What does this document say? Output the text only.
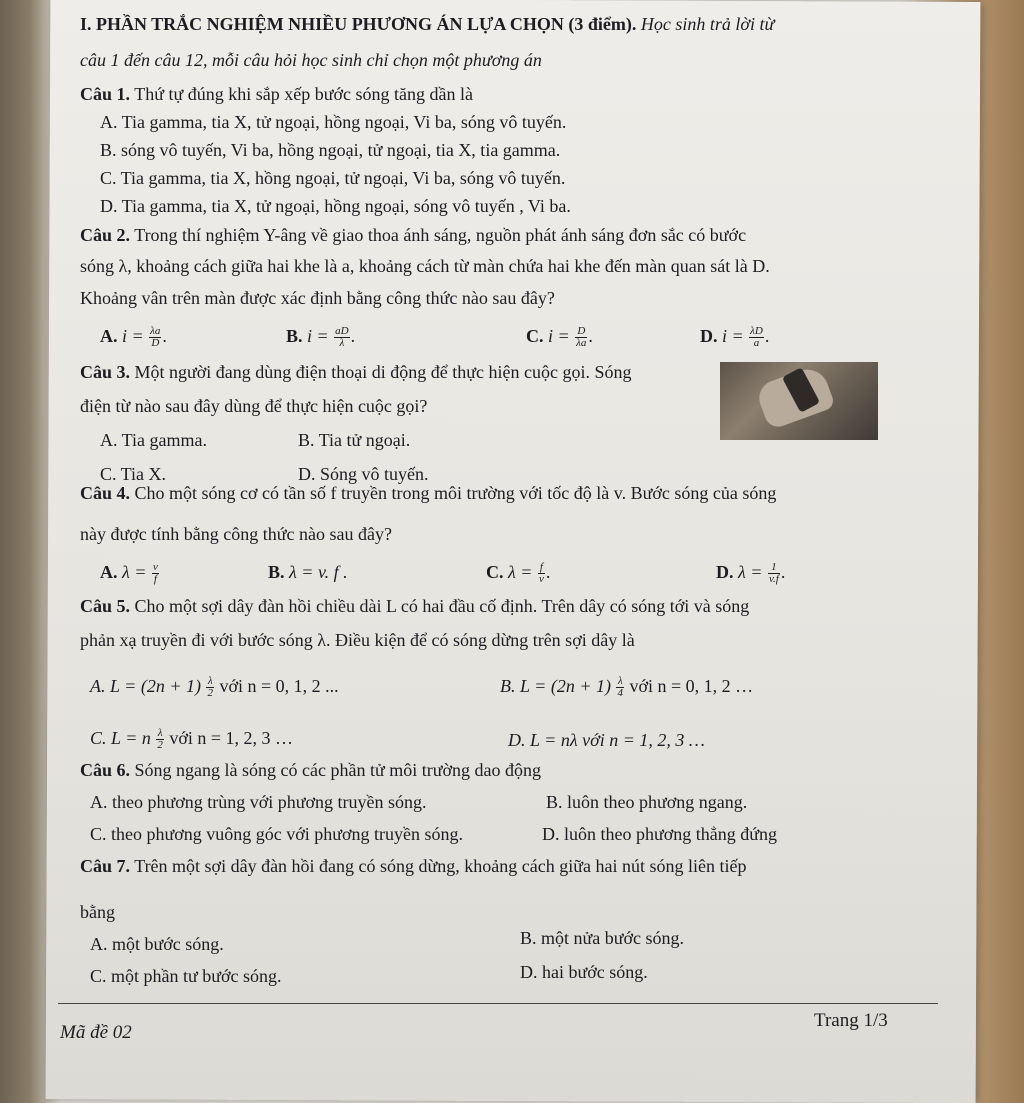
I. PHẦN TRẮC NGHIỆM NHIỀU PHƯƠNG ÁN LỰA CHỌN (3 điểm). Học sinh trả lời từ
câu 1 đến câu 12, mỗi câu hỏi học sinh chỉ chọn một phương án
Câu 1. Thứ tự đúng khi sắp xếp bước sóng tăng dần là
A. Tia gamma, tia X, tử ngoại, hồng ngoại, Vi ba, sóng vô tuyến.
B. sóng vô tuyến, Vi ba, hồng ngoại, tử ngoại, tia X, tia gamma.
C. Tia gamma, tia X, hồng ngoại, tử ngoại, Vi ba, sóng vô tuyến.
D. Tia gamma, tia X, tử ngoại, hồng ngoại, sóng vô tuyến , Vi ba.
Câu 2. Trong thí nghiệm Y-âng về giao thoa ánh sáng, nguồn phát ánh sáng đơn sắc có bước
sóng λ, khoảng cách giữa hai khe là a, khoảng cách từ màn chứa hai khe đến màn quan sát là D.
Khoảng vân trên màn được xác định bằng công thức nào sau đây?
A. $i = \frac{\lambda a}{D}$ .	B. $i = \frac{aD}{\lambda}$ .	C. $i = \frac{D}{\lambda a}$ .	D. $i = \frac{\lambda D}{a}$ .
Câu 3. Một người đang dùng điện thoại di động để thực hiện cuộc gọi. Sóng
điện từ nào sau đây dùng để thực hiện cuộc gọi?
A. Tia gamma.	B. Tia tử ngoại.
C. Tia X.	D. Sóng vô tuyến.
Câu 4. Cho một sóng cơ có tần số f truyền trong môi trường với tốc độ là v. Bước sóng của sóng
này được tính bằng công thức nào sau đây?
A. $\lambda = \frac{v}{f}$	B. λ = v. f .	C. $\lambda = \frac{f}{v}$ .	D. $\lambda = \frac{1}{v.f}$ .
Câu 5. Cho một sợi dây đàn hồi chiều dài L có hai đầu cố định. Trên dây có sóng tới và sóng
phản xạ truyền đi với bước sóng λ. Điều kiện để có sóng dừng trên sợi dây là
A. $L = (2n + 1) \frac{\lambda}{2}$ với n = 0, 1, 2 ...	B. $L = (2n + 1) \frac{\lambda}{4}$ với n = 0, 1, 2 …
C. L = n $\frac{\lambda}{2}$ với n = 1, 2, 3 …	D. L = nλ với n = 1, 2, 3 …
Câu 6. Sóng ngang là sóng có các phần tử môi trường dao động
A. theo phương trùng với phương truyền sóng.	B. luôn theo phương ngang.
C. theo phương vuông góc với phương truyền sóng.	D. luôn theo phương thẳng đứng
Câu 7. Trên một sợi dây đàn hồi đang có sóng dừng, khoảng cách giữa hai nút sóng liên tiếp
bằng
A. một bước sóng.	B. một nửa bước sóng.
C. một phần tư bước sóng.	D. hai bước sóng.
Mã đề 02
Trang 1/3
